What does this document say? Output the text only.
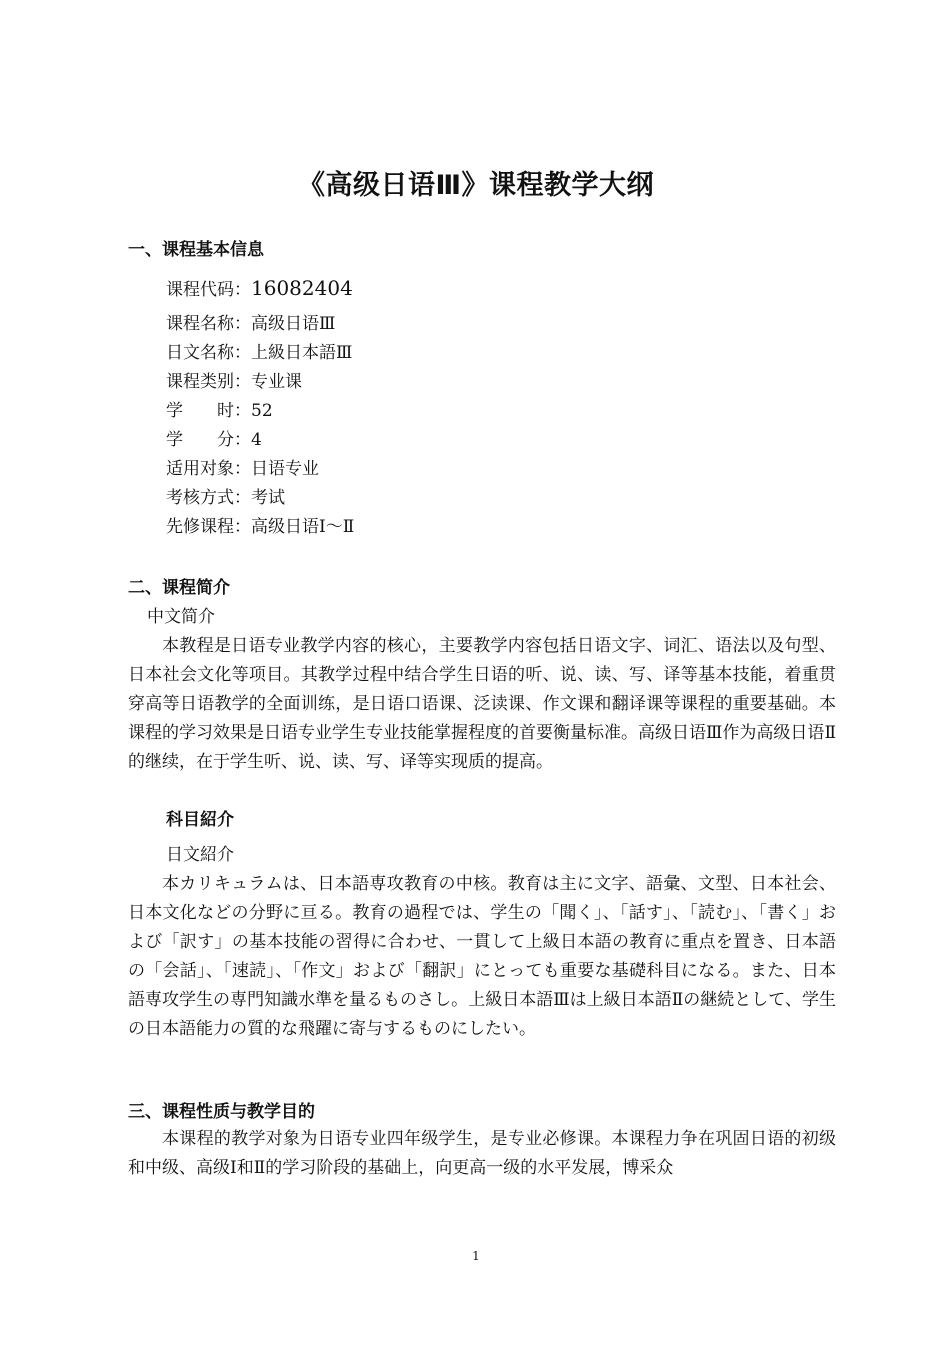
《高级日语Ⅲ》课程教学大纲
一、课程基本信息
课程代码：16082404
课程名称：高级日语Ⅲ
日文名称：上級日本語Ⅲ
课程类别：专业课
学　　时：52
学　　分：4
适用对象：日语专业
考核方式：考试
先修课程：高级日语Ⅰ～Ⅱ
二、课程简介
中文简介
本教程是日语专业教学内容的核心，主要教学内容包括日语文字、词汇、语法以及句型、日本社会文化等项目。其教学过程中结合学生日语的听、说、读、写、译等基本技能，着重贯穿高等日语教学的全面训练，是日语口语课、泛读课、作文课和翻译课等课程的重要基础。本课程的学习效果是日语专业学生专业技能掌握程度的首要衡量标准。高级日语Ⅲ作为高级日语Ⅱ的继续，在于学生听、说、读、写、译等实现质的提高。
科目紹介
日文紹介
本カリキュラムは、日本語専攻教育の中核。教育は主に文字、語彙、文型、日本社会、日本文化などの分野に亘る。教育の過程では、学生の「聞く」、「話す」、「読む」、「書く」および「訳す」の基本技能の習得に合わせ、一貫して上級日本語の教育に重点を置き、日本語の「会話」、「速読」、「作文」および「翻訳」にとっても重要な基礎科目になる。また、日本語専攻学生の専門知識水準を量るものさし。上級日本語Ⅲは上級日本語Ⅱの継続として、学生の日本語能力の質的な飛躍に寄与するものにしたい。
三、课程性质与教学目的
本课程的教学对象为日语专业四年级学生，是专业必修课。本课程力争在巩固日语的初级和中级、高级Ⅰ和Ⅱ的学习阶段的基础上，向更高一级的水平发展，博采众
1
